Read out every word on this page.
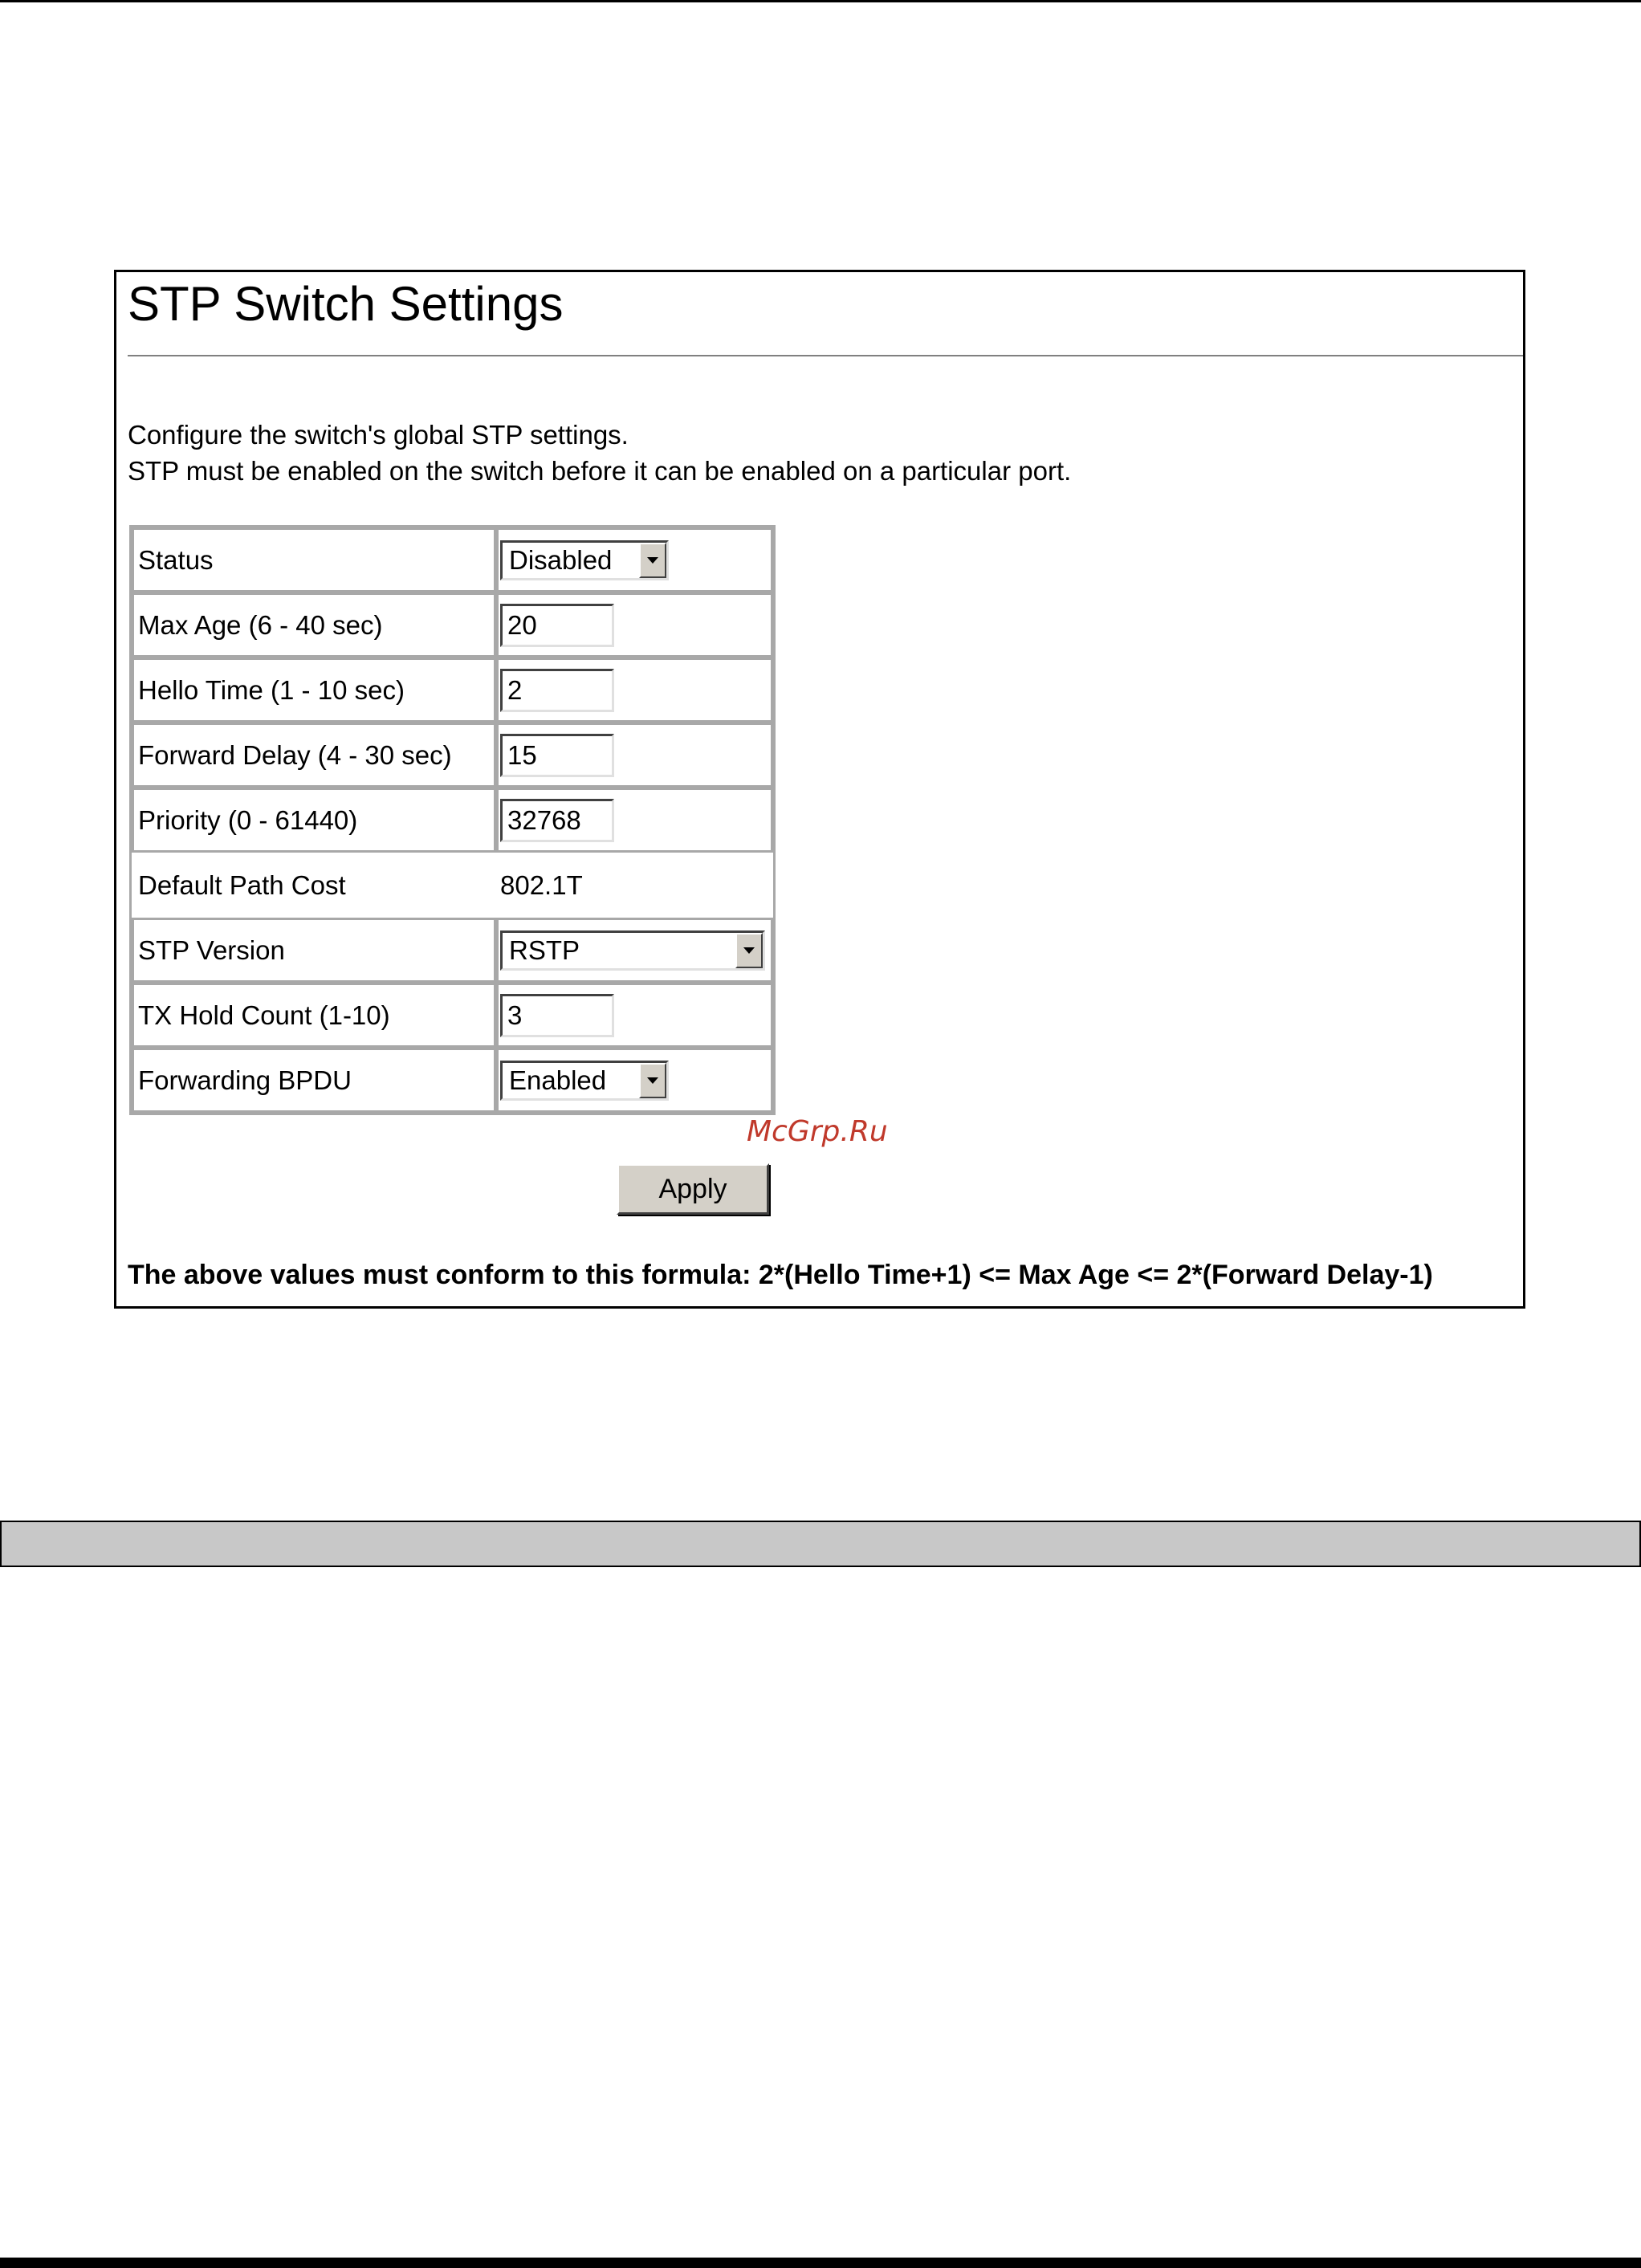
STP Switch Settings
Configure the switch's global STP settings.
STP must be enabled on the switch before it can be enabled on a particular port.
Status	Disabled

Max Age (6 - 40 sec)	20
Hello Time (1 - 10 sec)	2
Forward Delay (4 - 30 sec)	15
Priority (0 - 61440)	32768
Default Path Cost	802.1T
STP Version	RSTP

TX Hold Count (1-10)	3
Forwarding BPDU	Enabled
McGrp.Ru
Apply
The above values must conform to this formula: 2*(Hello Time+1) <= Max Age <= 2*(Forward Delay-1)
